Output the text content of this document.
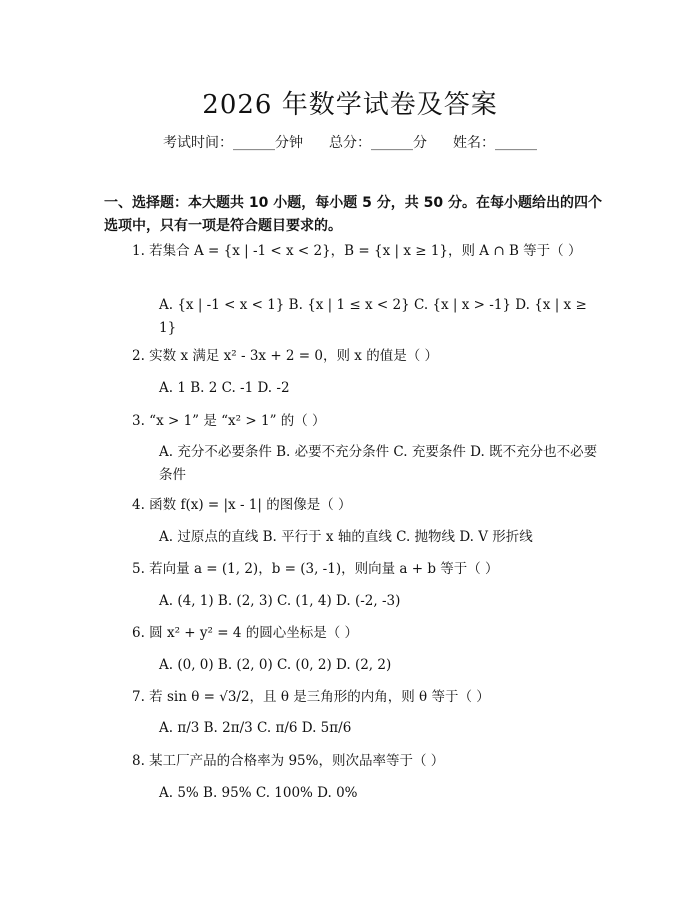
2026 年数学试卷及答案
考试时间：______分钟 总分：______分 姓名：______
一、选择题：本大题共 10 小题，每小题 5 分，共 50 分。在每小题给出的四个选项中，只有一项是符合题目要求的。
1. 若集合 A = {x | -1 < x < 2}，B = {x | x ≥ 1}，则 A ∩ B 等于（ ）
A. {x | -1 < x < 1} B. {x | 1 ≤ x < 2} C. {x | x > -1} D. {x | x ≥ 1}
2. 实数 x 满足 x² - 3x + 2 = 0，则 x 的值是（ ）
A. 1 B. 2 C. -1 D. -2
3. “x > 1” 是 “x² > 1” 的（ ）
A. 充分不必要条件 B. 必要不充分条件 C. 充要条件 D. 既不充分也不必要条件
4. 函数 f(x) = |x - 1| 的图像是（ ）
A. 过原点的直线 B. 平行于 x 轴的直线 C. 抛物线 D. V 形折线
5. 若向量 a = (1, 2)，b = (3, -1)，则向量 a + b 等于（ ）
A. (4, 1) B. (2, 3) C. (1, 4) D. (-2, -3)
6. 圆 x² + y² = 4 的圆心坐标是（ ）
A. (0, 0) B. (2, 0) C. (0, 2) D. (2, 2)
7. 若 sin θ = √3/2，且 θ 是三角形的内角，则 θ 等于（ ）
A. π/3 B. 2π/3 C. π/6 D. 5π/6
8. 某工厂产品的合格率为 95%，则次品率等于（ ）
A. 5% B. 95% C. 100% D. 0%
